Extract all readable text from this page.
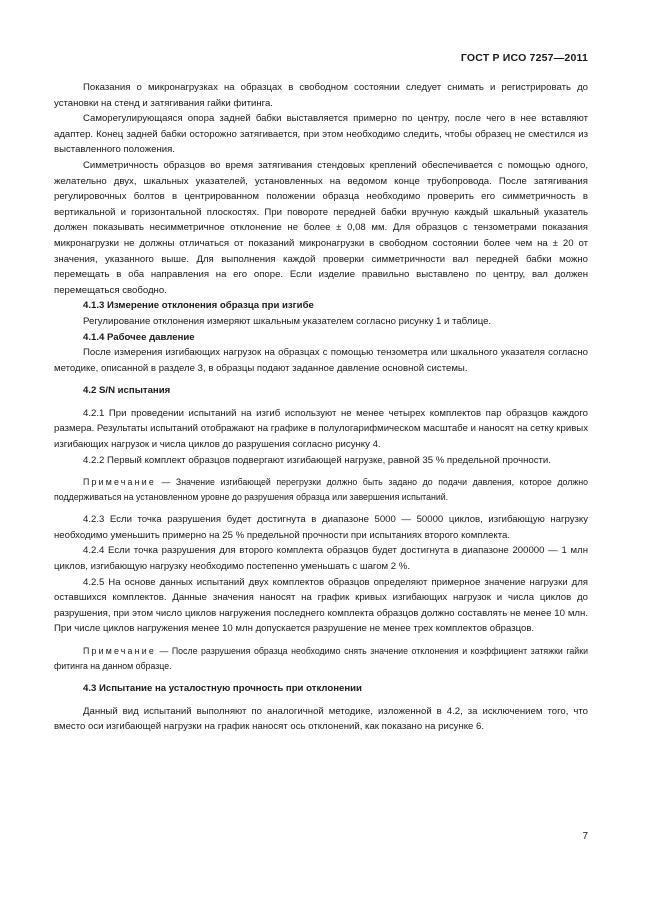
ГОСТ Р ИСО 7257—2011

Показания о микронагрузках на образцах в свободном состоянии следует снимать и регистрировать до установки на стенд и затягивания гайки фитинга.

Саморегулирующаяся опора задней бабки выставляется примерно по центру, после чего в нее вставляют адаптер. Конец задней бабки осторожно затягивается, при этом необходимо следить, чтобы образец не сместился из выставленного положения.

Симметричность образцов во время затягивания стендовых креплений обеспечивается с помощью одного, желательно двух, шкальных указателей, установленных на ведомом конце трубопровода. После затягивания регулировочных болтов в центрированном положении образца необходимо проверить его симметричность в вертикальной и горизонтальной плоскостях. При повороте передней бабки вручную каждый шкальный указатель должен показывать несимметричное отклонение не более ± 0,08 мм. Для образцов с тензометрами показания микронагрузки не должны отличаться от показаний микронагрузки в свободном состоянии более чем на ± 20 от значения, указанного выше. Для выполнения каждой проверки симметричности вал передней бабки можно перемещать в оба направления на его опоре. Если изделие правильно выставлено по центру, вал должен перемещаться свободно.

4.1.3 Измерение отклонения образца при изгибе

Регулирование отклонения измеряют шкальным указателем согласно рисунку 1 и таблице.

4.1.4 Рабочее давление

После измерения изгибающих нагрузок на образцах с помощью тензометра или шкального указателя согласно методике, описанной в разделе 3, в образцы подают заданное давление основной системы.

4.2 S/N испытания

4.2.1 При проведении испытаний на изгиб используют не менее четырех комплектов пар образцов каждого размера. Результаты испытаний отображают на графике в полулогарифмическом масштабе и наносят на сетку кривых изгибающих нагрузок и числа циклов до разрушения согласно рисунку 4.

4.2.2 Первый комплект образцов подвергают изгибающей нагрузке, равной 35 % предельной прочности.

Примечание — Значение изгибающей перегрузки должно быть задано до подачи давления, которое должно поддерживаться на установленном уровне до разрушения образца или завершения испытаний.

4.2.3 Если точка разрушения будет достигнута в диапазоне 5000 — 50000 циклов, изгибающую нагрузку необходимо уменьшить примерно на 25 % предельной прочности при испытаниях второго комплекта.

4.2.4 Если точка разрушения для второго комплекта образцов будет достигнута в диапазоне 200000 — 1 млн циклов, изгибающую нагрузку необходимо постепенно уменьшать с шагом 2 %.

4.2.5 На основе данных испытаний двух комплектов образцов определяют примерное значение нагрузки для оставшихся комплектов. Данные значения наносят на график кривых изгибающих нагрузок и числа циклов до разрушения, при этом число циклов нагружения последнего комплекта образцов должно составлять не менее 10 млн. При числе циклов нагружения менее 10 млн допускается разрушение не менее трех комплектов образцов.

Примечание — После разрушения образца необходимо снять значение отклонения и коэффициент затяжки гайки фитинга на данном образце.

4.3 Испытание на усталостную прочность при отклонении

Данный вид испытаний выполняют по аналогичной методике, изложенной в 4.2, за исключением того, что вместо оси изгибающей нагрузки на график наносят ось отклонений, как показано на рисунке 6.

7
